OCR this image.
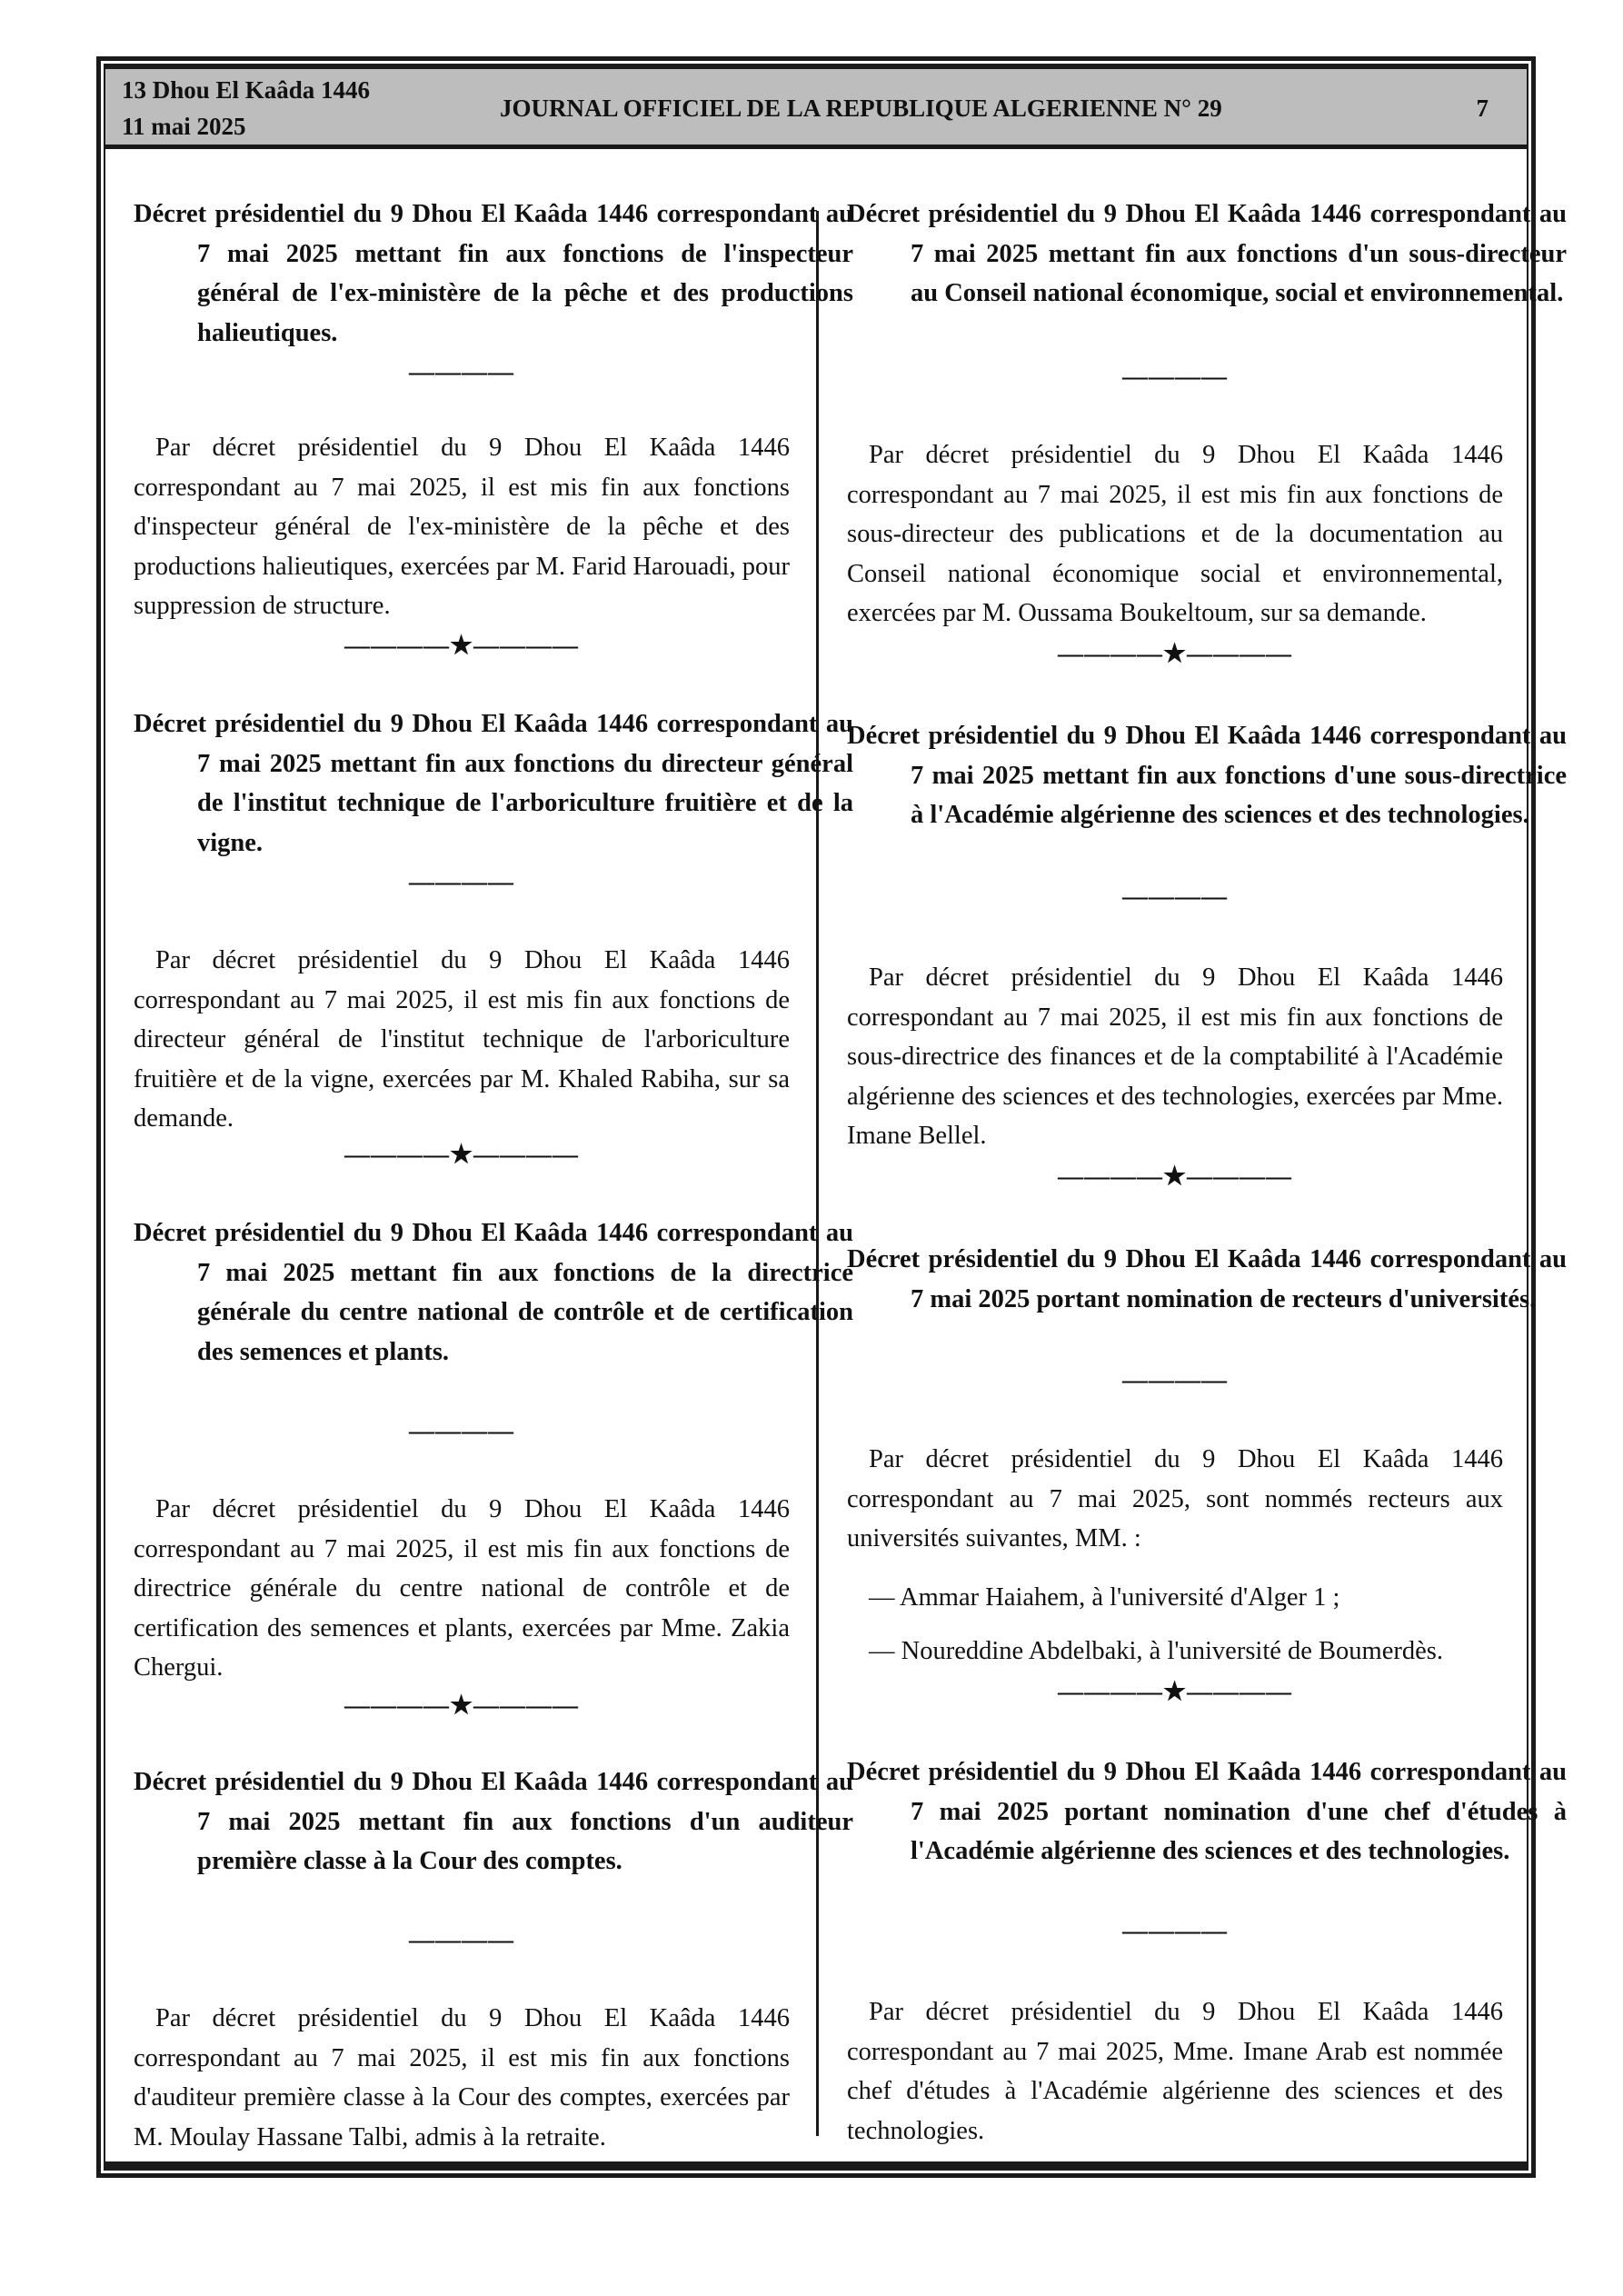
13 Dhou El Kaâda 1446
11 mai 2025
JOURNAL OFFICIEL DE LA REPUBLIQUE ALGERIENNE N° 29	7
Décret présidentiel du 9 Dhou El Kaâda 1446 correspondant au 7 mai 2025 mettant fin aux fonctions de l'inspecteur général de l'ex-ministère de la pêche et des productions halieutiques.
————
Par décret présidentiel du 9 Dhou El Kaâda 1446 correspondant au 7 mai 2025, il est mis fin aux fonctions d'inspecteur général de l'ex-ministère de la pêche et des productions halieutiques, exercées par M. Farid Harouadi, pour suppression de structure.
————★————
Décret présidentiel du 9 Dhou El Kaâda 1446 correspondant au 7 mai 2025 mettant fin aux fonctions du directeur général de l'institut technique de l'arboriculture fruitière et de la vigne.
————
Par décret présidentiel du 9 Dhou El Kaâda 1446 correspondant au 7 mai 2025, il est mis fin aux fonctions de directeur général de l'institut technique de l'arboriculture fruitière et de la vigne, exercées par M. Khaled Rabiha, sur sa demande.
————★————
Décret présidentiel du 9 Dhou El Kaâda 1446 correspondant au 7 mai 2025 mettant fin aux fonctions de la directrice générale du centre national de contrôle et de certification des semences et plants.
————
Par décret présidentiel du 9 Dhou El Kaâda 1446 correspondant au 7 mai 2025, il est mis fin aux fonctions de directrice générale du centre national de contrôle et de certification des semences et plants, exercées par Mme. Zakia Chergui.
————★————
Décret présidentiel du 9 Dhou El Kaâda 1446 correspondant au 7 mai 2025 mettant fin aux fonctions d'un auditeur première classe à la Cour des comptes.
————
Par décret présidentiel du 9 Dhou El Kaâda 1446 correspondant au 7 mai 2025, il est mis fin aux fonctions d'auditeur première classe à la Cour des comptes, exercées par M. Moulay Hassane Talbi, admis à la retraite.
Décret présidentiel du 9 Dhou El Kaâda 1446 correspondant au 7 mai 2025 mettant fin aux fonctions d'un sous-directeur au Conseil national économique, social et environnemental.
————
Par décret présidentiel du 9 Dhou El Kaâda 1446 correspondant au 7 mai 2025, il est mis fin aux fonctions de sous-directeur des publications et de la documentation au Conseil national économique social et environnemental, exercées par M. Oussama Boukeltoum, sur sa demande.
————★————
Décret présidentiel du 9 Dhou El Kaâda 1446 correspondant au 7 mai 2025 mettant fin aux fonctions d'une sous-directrice à l'Académie algérienne des sciences et des technologies.
————
Par décret présidentiel du 9 Dhou El Kaâda 1446 correspondant au 7 mai 2025, il est mis fin aux fonctions de sous-directrice des finances et de la comptabilité à l'Académie algérienne des sciences et des technologies, exercées par Mme. Imane Bellel.
————★————
Décret présidentiel du 9 Dhou El Kaâda 1446 correspondant au 7 mai 2025 portant nomination de recteurs d'universités.
————
Par décret présidentiel du 9 Dhou El Kaâda 1446 correspondant au 7 mai 2025, sont nommés recteurs aux universités suivantes, MM. :
— Ammar Haiahem, à l'université d'Alger 1 ;
— Noureddine Abdelbaki, à l'université de Boumerdès.
————★————
Décret présidentiel du 9 Dhou El Kaâda 1446 correspondant au 7 mai 2025 portant nomination d'une chef d'études à l'Académie algérienne des sciences et des technologies.
————
Par décret présidentiel du 9 Dhou El Kaâda 1446 correspondant au 7 mai 2025, Mme. Imane Arab est nommée chef d'études à l'Académie algérienne des sciences et des technologies.
